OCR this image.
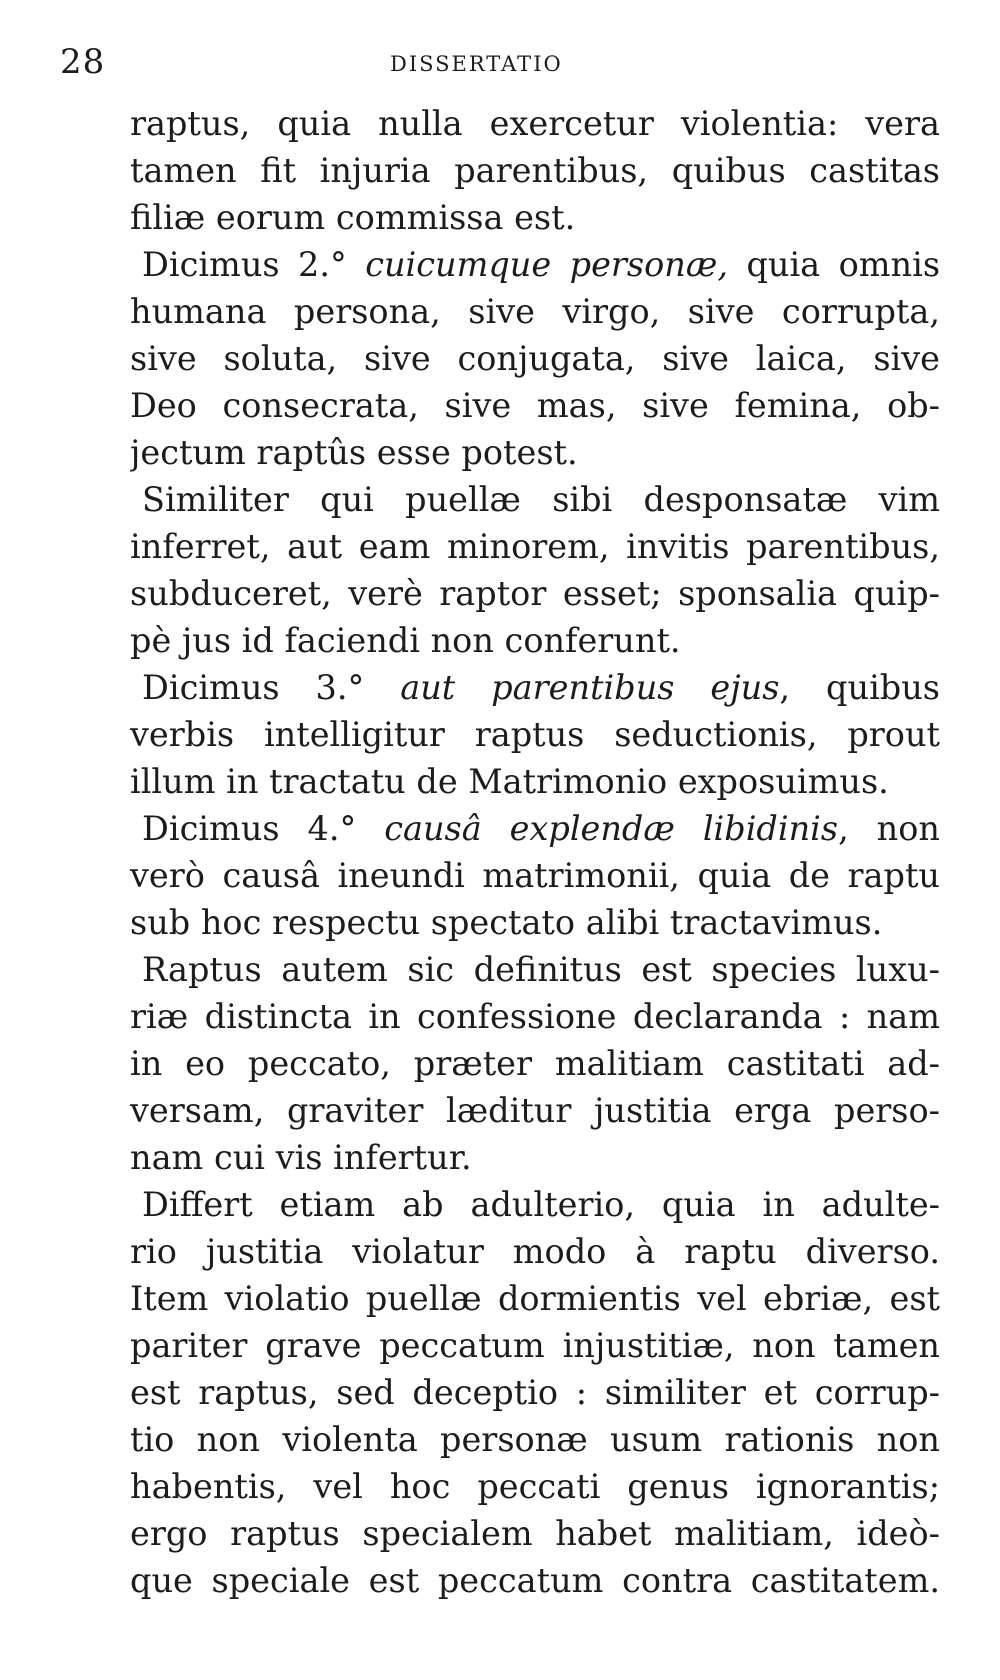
28	DISSERTATIO
raptus, quia nulla exercetur violentia: vera
tamen fit injuria parentibus, quibus castitas
filiæ eorum commissa est.
Dicimus 2.° cuicumque personæ, quia omnis
humana persona, sive virgo, sive corrupta,
sive soluta, sive conjugata, sive laica, sive
Deo consecrata, sive mas, sive femina, ob-
jectum raptûs esse potest.
Similiter qui puellæ sibi desponsatæ vim
inferret, aut eam minorem, invitis parentibus,
subduceret, verè raptor esset; sponsalia quip-
pè jus id faciendi non conferunt.
Dicimus 3.° aut parentibus ejus, quibus
verbis intelligitur raptus seductionis, prout
illum in tractatu de Matrimonio exposuimus.
Dicimus 4.° causâ explendæ libidinis, non
verò causâ ineundi matrimonii, quia de raptu
sub hoc respectu spectato alibi tractavimus.
Raptus autem sic definitus est species luxu-
riæ distincta in confessione declaranda : nam
in eo peccato, præter malitiam castitati ad-
versam, graviter læditur justitia erga perso-
nam cui vis infertur.
Differt etiam ab adulterio, quia in adulte-
rio justitia violatur modo à raptu diverso.
Item violatio puellæ dormientis vel ebriæ, est
pariter grave peccatum injustitiæ, non tamen
est raptus, sed deceptio : similiter et corrup-
tio non violenta personæ usum rationis non
habentis, vel hoc peccati genus ignorantis;
ergo raptus specialem habet malitiam, ideò-
que speciale est peccatum contra castitatem.
